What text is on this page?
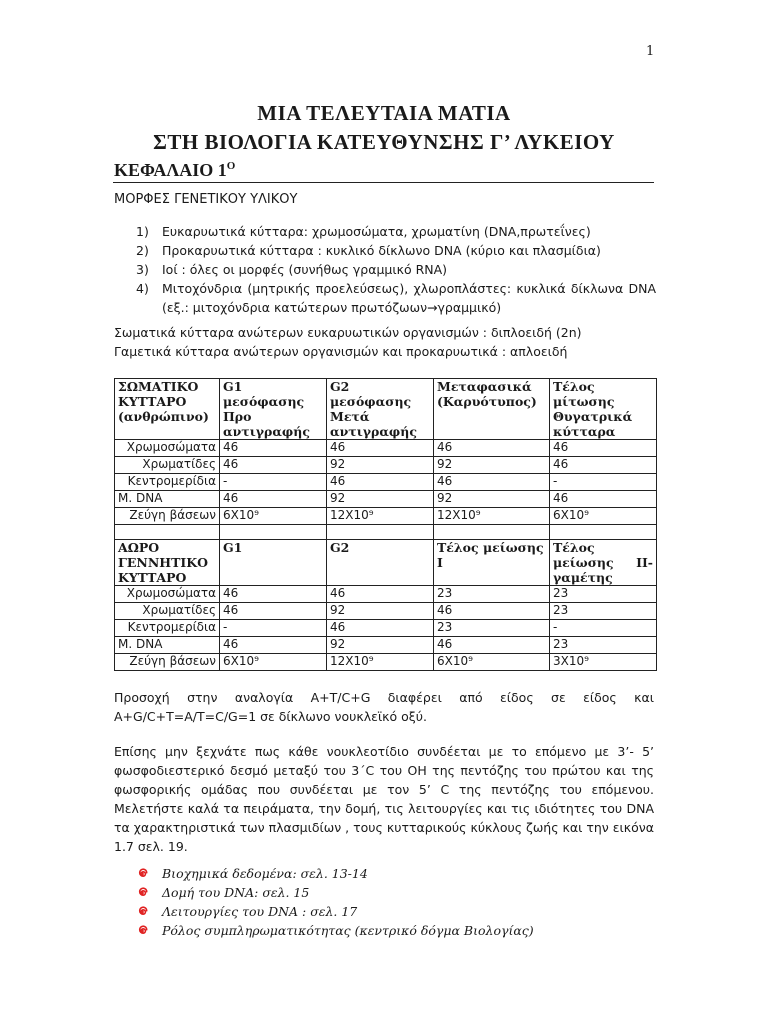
1
ΜΙΑ ΤΕΛΕΥΤΑΙΑ ΜΑΤΙΑ
ΣΤΗ ΒΙΟΛΟΓΙΑ ΚΑΤΕΥΘΥΝΣΗΣ Γ’ ΛΥΚΕΙΟΥ
ΚΕΦΑΛΑΙΟ $1^O$
ΜΟΡΦΕΣ ΓΕΝΕΤΙΚΟΥ ΥΛΙΚΟΥ
1)	Ευκαρυωτικά κύτταρα: χρωμοσώματα, χρωματίνη (DNA,πρωτεΐνες)
2)	Προκαρυωτικά κύτταρα : κυκλικό δίκλωνο DNA (κύριο και πλασμίδια)
3)	Ιοί : όλες οι μορφές (συνήθως γραμμικό RNA)
4)	Μιτοχόνδρια (μητρικής προελεύσεως), χλωροπλάστες: κυκλικά δίκλωνα DNA (εξ.: μιτοχόνδρια κατώτερων πρωτόζωων→γραμμικό)
Σωματικά κύτταρα ανώτερων ευκαρυωτικών οργανισμών : διπλοειδή (2n)
Γαμετικά κύτταρα ανώτερων οργανισμών και προκαρυωτικά : απλοειδή
ΣΩΜΑΤΙΚΟ ΚΥΤΤΑΡΟ (ανθρώπινο)	G1 μεσόφασης Προ αντιγραφής	G2 μεσόφασης Μετά αντιγραφής	Μεταφασικά (Καρυότυπος)	Τέλος μίτωσης Θυγατρικά κύτταρα
Χρωμοσώματα	46	46	46	46
Χρωματίδες	46	92	92	46
Κεντρομερίδια	-	46	46	-
Μ. DNA	46	92	92	46
Ζεύγη βάσεων	6X10⁹	12X10⁹	12X10⁹	6X10⁹

ΑΩΡΟ ΓΕΝΝΗΤΙΚΟ ΚΥΤΤΑΡΟ	G1	G2	Τέλος μείωσης Ι	Τέλος μείωσης ΙΙ-γαμέτης
Χρωμοσώματα	46	46	23	23
Χρωματίδες	46	92	46	23
Κεντρομερίδια	-	46	23	-
Μ. DNA	46	92	46	23
Ζεύγη βάσεων	6X10⁹	12X10⁹	6X10⁹	3X10⁹
Προσοχή στην αναλογία A+T/C+G διαφέρει από είδος σε είδος και A+G/C+T=A/T=C/G=1 σε δίκλωνο νουκλεϊκό οξύ.
Επίσης μην ξεχνάτε πως κάθε νουκλεοτίδιο συνδέεται με το επόμενο με 3’- 5’ φωσφοδιεστερικό δεσμό μεταξύ του 3΄C του OH της πεντόζης του πρώτου και της φωσφορικής ομάδας που συνδέεται με τον 5’ C της πεντόζης του επόμενου. Μελετήστε καλά τα πειράματα, την δομή, τις λειτουργίες και τις ιδιότητες του DNA τα χαρακτηριστικά των πλασμιδίων , τους κυτταρικούς κύκλους ζωής και την εικόνα 1.7 σελ. 19.
Βιοχημικά δεδομένα: σελ. 13-14
Δομή του DNA: σελ. 15
Λειτουργίες του DNA : σελ. 17
Ρόλος συμπληρωματικότητας (κεντρικό δόγμα Βιολογίας)
